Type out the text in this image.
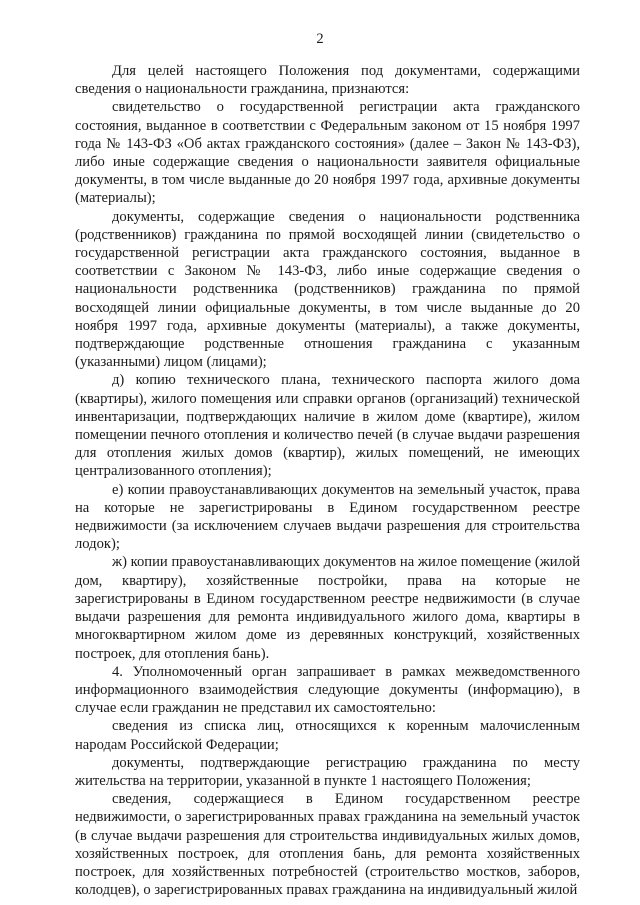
2

Для целей настоящего Положения под документами, содержащими сведения о национальности гражданина, признаются:

свидетельство о государственной регистрации акта гражданского состояния, выданное в соответствии с Федеральным законом от 15 ноября 1997 года № 143-ФЗ «Об актах гражданского состояния» (далее – Закон № 143-ФЗ), либо иные содержащие сведения о национальности заявителя официальные документы, в том числе выданные до 20 ноября 1997 года, архивные документы (материалы);

документы, содержащие сведения о национальности родственника (родственников) гражданина по прямой восходящей линии (свидетельство о государственной регистрации акта гражданского состояния, выданное в соответствии с Законом № 143-ФЗ, либо иные содержащие сведения о национальности родственника (родственников) гражданина по прямой восходящей линии официальные документы, в том числе выданные до 20 ноября 1997 года, архивные документы (материалы), а также документы, подтверждающие родственные отношения гражданина с указанным (указанными) лицом (лицами);

д) копию технического плана, технического паспорта жилого дома (квартиры), жилого помещения или справки органов (организаций) технической инвентаризации, подтверждающих наличие в жилом доме (квартире), жилом помещении печного отопления и количество печей (в случае выдачи разрешения для отопления жилых домов (квартир), жилых помещений, не имеющих централизованного отопления);

е) копии правоустанавливающих документов на земельный участок, права на которые не зарегистрированы в Едином государственном реестре недвижимости (за исключением случаев выдачи разрешения для строительства лодок);

ж) копии правоустанавливающих документов на жилое помещение (жилой дом, квартиру), хозяйственные постройки, права на которые не зарегистрированы в Едином государственном реестре недвижимости (в случае выдачи разрешения для ремонта индивидуального жилого дома, квартиры в многоквартирном жилом доме из деревянных конструкций, хозяйственных построек, для отопления бань).

4. Уполномоченный орган запрашивает в рамках межведомственного информационного взаимодействия следующие документы (информацию), в случае если гражданин не представил их самостоятельно:

сведения из списка лиц, относящихся к коренным малочисленным народам Российской Федерации;

документы, подтверждающие регистрацию гражданина по месту жительства на территории, указанной в пункте 1 настоящего Положения;

сведения, содержащиеся в Едином государственном реестре недвижимости, о зарегистрированных правах гражданина на земельный участок (в случае выдачи разрешения для строительства индивидуальных жилых домов, хозяйственных построек, для отопления бань, для ремонта хозяйственных построек, для хозяйственных потребностей (строительство мостков, заборов, колодцев), о зарегистрированных правах гражданина на индивидуальный жилой
